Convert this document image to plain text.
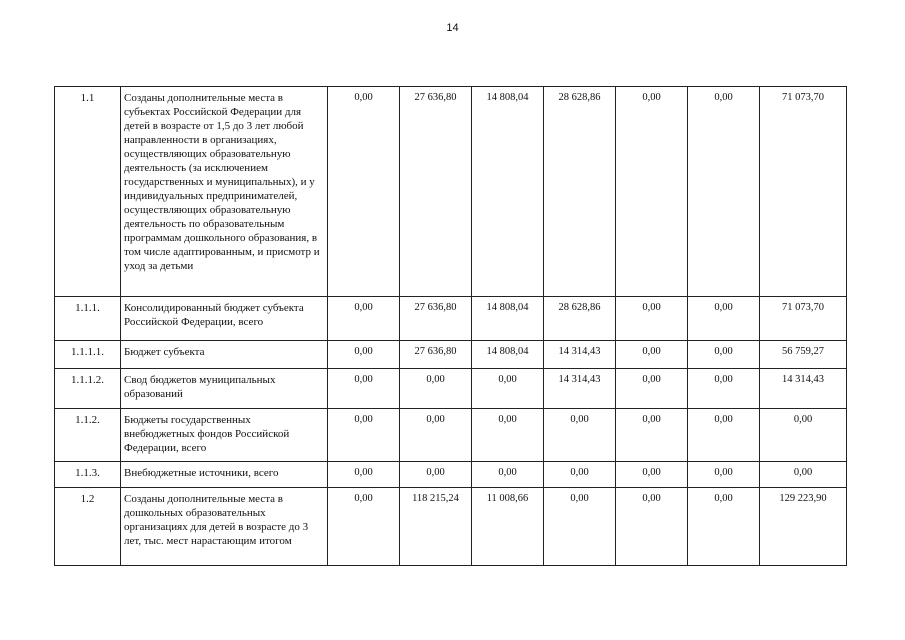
14
1.1	Созданы дополнительные места в субъектах Российской Федерации для детей в возрасте от 1,5 до 3 лет любой направленности в организациях, осуществляющих образовательную деятельность (за исключением государственных и муниципальных), и у индивидуальных предпринимателей, осуществляющих образовательную деятельность по образовательным программам дошкольного образования, в том числе адаптированным, и присмотр и уход за детьми	0,00	27 636,80	14 808,04	28 628,86	0,00	0,00	71 073,70
1.1.1.	Консолидированный бюджет субъекта Российской Федерации, всего	0,00	27 636,80	14 808,04	28 628,86	0,00	0,00	71 073,70
1.1.1.1.	Бюджет субъекта	0,00	27 636,80	14 808,04	14 314,43	0,00	0,00	56 759,27
1.1.1.2.	Свод бюджетов муниципальных образований	0,00	0,00	0,00	14 314,43	0,00	0,00	14 314,43
1.1.2.	Бюджеты государственных внебюджетных фондов Российской Федерации, всего	0,00	0,00	0,00	0,00	0,00	0,00	0,00
1.1.3.	Внебюджетные источники, всего	0,00	0,00	0,00	0,00	0,00	0,00	0,00
1.2	Созданы дополнительные места в дошкольных образовательных организациях для детей в возрасте до 3 лет, тыс. мест нарастающим итогом	0,00	118 215,24	11 008,66	0,00	0,00	0,00	129 223,90
